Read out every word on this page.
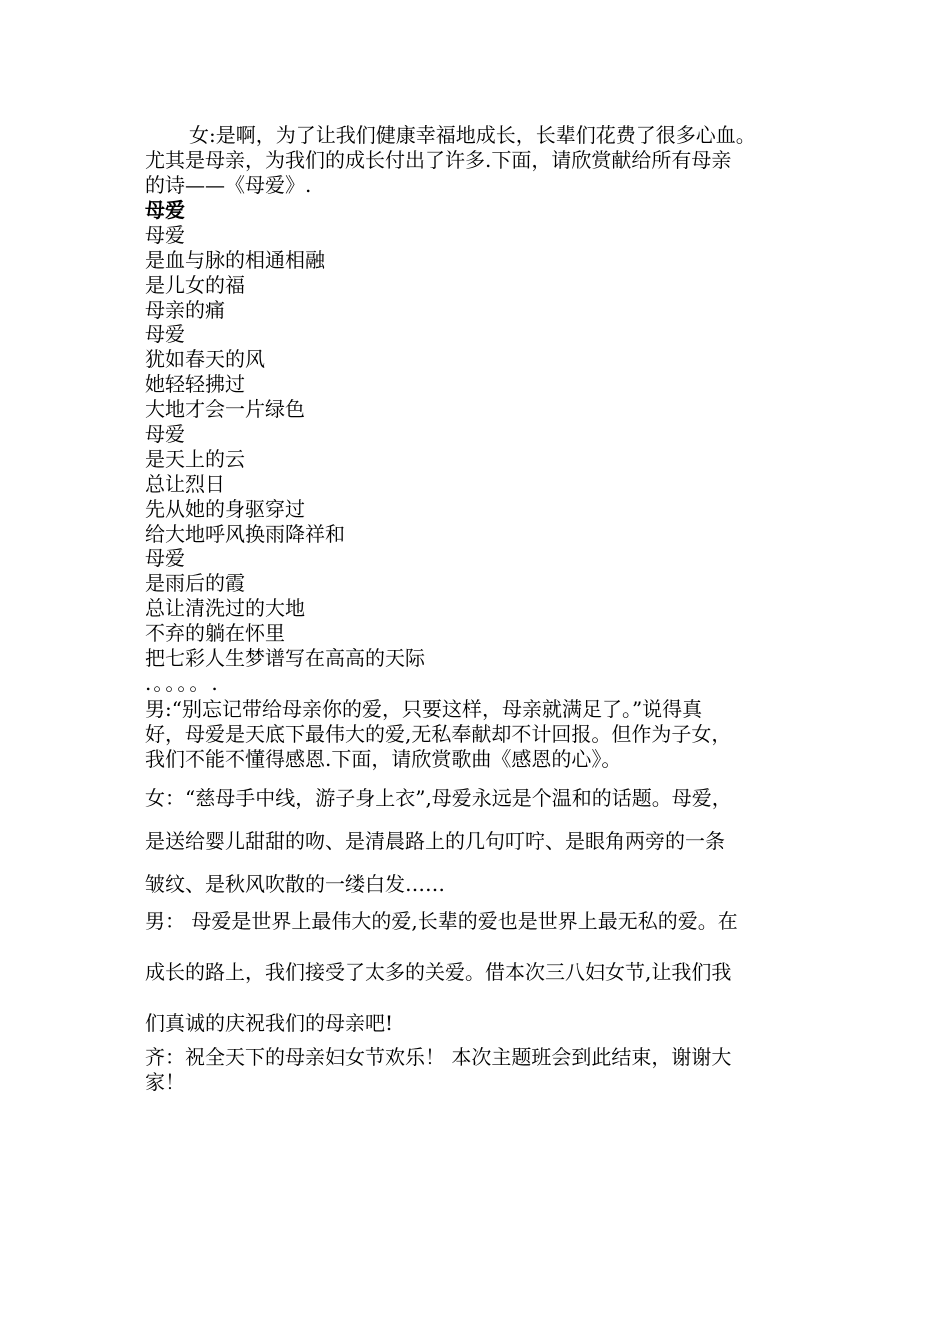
女:是啊，为了让我们健康幸福地成长，长辈们花费了很多心血。
尤其是母亲，为我们的成长付出了许多.下面，请欣赏献给所有母亲
的诗——《母爱》.
母爱
母爱
是血与脉的相通相融
是儿女的福
母亲的痛
母爱
犹如春天的风
她轻轻拂过
大地才会一片绿色
母爱
是天上的云
总让烈日
先从她的身驱穿过
给大地呼风换雨降祥和
母爱
是雨后的霞
总让清洗过的大地
不弃的躺在怀里
把七彩人生梦谱写在高高的天际
.。。。。.
男:“别忘记带给母亲你的爱，只要这样，母亲就满足了。”说得真
好，母爱是天底下最伟大的爱,无私奉献却不计回报。但作为子女，
我们不能不懂得感恩.下面，请欣赏歌曲《感恩的心》。
女：“慈母手中线，游子身上衣”,母爱永远是个温和的话题。母爱，
是送给婴儿甜甜的吻、是清晨路上的几句叮咛、是眼角两旁的一条
皱纹、是秋风吹散的一缕白发……
男： 母爱是世界上最伟大的爱,长辈的爱也是世界上最无私的爱。在
成长的路上，我们接受了太多的关爱。借本次三八妇女节,让我们我
们真诚的庆祝我们的母亲吧!
齐：祝全天下的母亲妇女节欢乐！ 本次主题班会到此结束，谢谢大
家！
